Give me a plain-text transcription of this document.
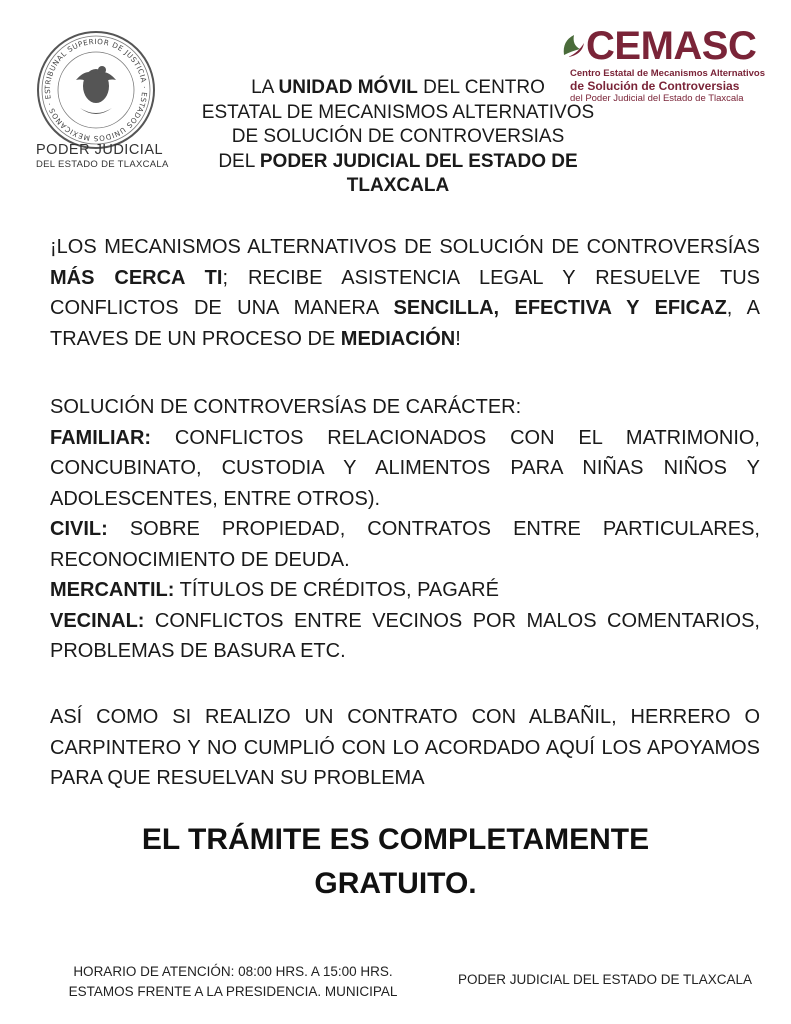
TRIBUNAL SUPERIOR DE JUSTICIA · ESTADOS UNIDOS MEXICANOS · ES
PODER JUDICIAL
DEL ESTADO DE TLAXCALA
CEMASC
Centro Estatal de Mecanismos Alternativos
de Solución de Controversias
del Poder Judicial del Estado de Tlaxcala
LA UNIDAD MÓVIL DEL CENTRO
ESTATAL DE MECANISMOS ALTERNATIVOS
DE SOLUCIÓN DE CONTROVERSIAS
DEL PODER JUDICIAL DEL ESTADO DE
TLAXCALA
¡LOS MECANISMOS ALTERNATIVOS DE SOLUCIÓN DE CONTROVERSÍAS MÁS CERCA TI; RECIBE ASISTENCIA LEGAL Y RESUELVE TUS CONFLICTOS DE UNA MANERA SENCILLA, EFECTIVA Y EFICAZ, A TRAVES DE UN PROCESO DE MEDIACIÓN!
SOLUCIÓN DE CONTROVERSÍAS DE CARÁCTER:
FAMILIAR: CONFLICTOS RELACIONADOS CON EL MATRIMONIO, CONCUBINATO, CUSTODIA Y ALIMENTOS PARA NIÑAS NIÑOS Y ADOLESCENTES, ENTRE OTROS).
CIVIL: SOBRE PROPIEDAD, CONTRATOS ENTRE PARTICULARES, RECONOCIMIENTO DE DEUDA.
MERCANTIL: TÍTULOS DE CRÉDITOS, PAGARÉ
VECINAL: CONFLICTOS ENTRE VECINOS POR MALOS COMENTARIOS, PROBLEMAS DE BASURA ETC.
ASÍ COMO SI REALIZO UN CONTRATO CON ALBAÑIL, HERRERO O CARPINTERO Y NO CUMPLIÓ CON LO ACORDADO AQUÍ LOS APOYAMOS PARA QUE RESUELVAN SU PROBLEMA
EL TRÁMITE ES COMPLETAMENTE
GRATUITO.
HORARIO DE ATENCIÓN: 08:00 HRS. A 15:00 HRS.
ESTAMOS FRENTE A LA PRESIDENCIA. MUNICIPAL
PODER JUDICIAL DEL ESTADO DE TLAXCALA
